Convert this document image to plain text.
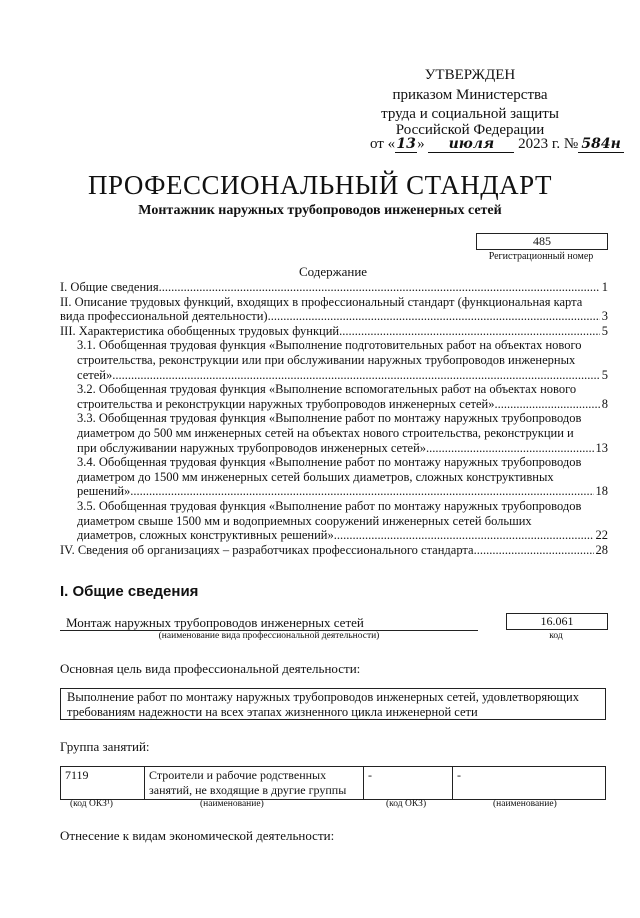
УТВЕРЖДЕН
приказом Министерства
труда и социальной защиты
Российской Федерации
от «13» июля 2023 г. № 584н
ПРОФЕССИОНАЛЬНЫЙ СТАНДАРТ
Монтажник наружных трубопроводов инженерных сетей
485
Регистрационный номер
Содержание
I. Общие сведения .....	1
II. Описание трудовых функций, входящих в профессиональный стандарт (функциональная карта
вида профессиональной деятельности) .....	3
III. Характеристика обобщенных трудовых функций .....	5
3.1. Обобщенная трудовая функция «Выполнение подготовительных работ на объектах нового
строительства, реконструкции или при обслуживании наружных трубопроводов инженерных
сетей» .....	5
3.2. Обобщенная трудовая функция «Выполнение вспомогательных работ на объектах нового
строительства и реконструкции наружных трубопроводов инженерных сетей» .....	8
3.3. Обобщенная трудовая функция «Выполнение работ по монтажу наружных трубопроводов
диаметром до 500 мм инженерных сетей на объектах нового строительства, реконструкции и
при обслуживании наружных трубопроводов инженерных сетей» .....	13
3.4. Обобщенная трудовая функция «Выполнение работ по монтажу наружных трубопроводов
диаметром до 1500 мм инженерных сетей больших диаметров, сложных конструктивных
решений» .....	18
3.5. Обобщенная трудовая функция «Выполнение работ по монтажу наружных трубопроводов
диаметром свыше 1500 мм и водоприемных сооружений инженерных сетей больших
диаметров, сложных конструктивных решений» .....	22
IV. Сведения об организациях – разработчиках профессионального стандарта .....	28
I. Общие сведения
Монтаж наружных трубопроводов инженерных сетей
(наименование вида профессиональной деятельности)
16.061
код
Основная цель вида профессиональной деятельности:
Выполнение работ по монтажу наружных трубопроводов инженерных сетей, удовлетворяющих требованиям надежности на всех этапах жизненного цикла инженерной сети
Группа занятий:
7119	Строители и рабочие родственных занятий, не входящие в другие группы	-	-
(код ОКЗ¹)	(наименование)	(код ОКЗ)	(наименование)
Отнесение к видам экономической деятельности:
